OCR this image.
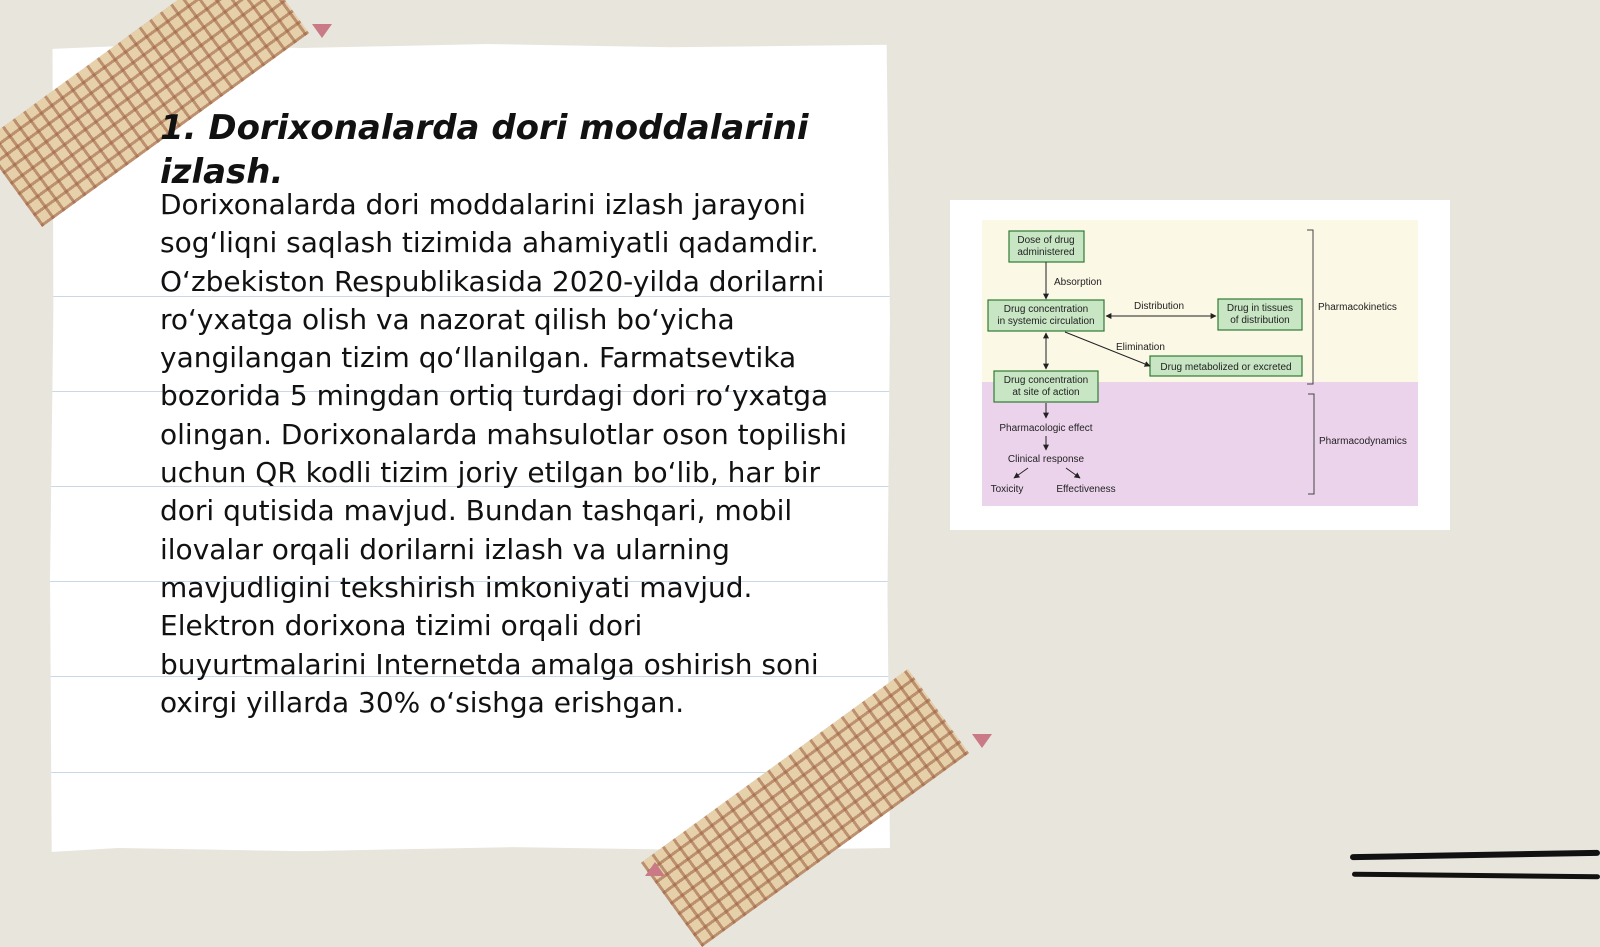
1. Dorixonalarda dori moddalarini izlash.

Dorixonalarda dori moddalarini izlash jarayoni sog‘liqni saqlash tizimida ahamiyatli qadamdir. O‘zbekiston Respublikasida 2020-yilda dorilarni ro‘yxatga olish va nazorat qilish bo‘yicha yangilangan tizim qo‘llanilgan. Farmatsevtika bozorida 5 mingdan ortiq turdagi dori ro‘yxatga olingan. Dorixonalarda mahsulotlar oson topilishi uchun QR kodli tizim joriy etilgan bo‘lib, har bir dori qutisida mavjud. Bundan tashqari, mobil ilovalar orqali dorilarni izlash va ularning mavjudligini tekshirish imkoniyati mavjud. Elektron dorixona tizimi orqali dori buyurtmalarini Internetda amalga oshirish soni oxirgi yillarda 30% o‘sishga erishgan.

Dose of drug
administered
Drug concentration
in systemic circulation
Drug in tissues
of distribution
Drug metabolized or excreted
Drug concentration
at site of action
Absorption
Distribution
Elimination
Pharmacologic effect
Clinical response
Toxicity	Effectiveness
Pharmacokinetics
Pharmacodynamics
